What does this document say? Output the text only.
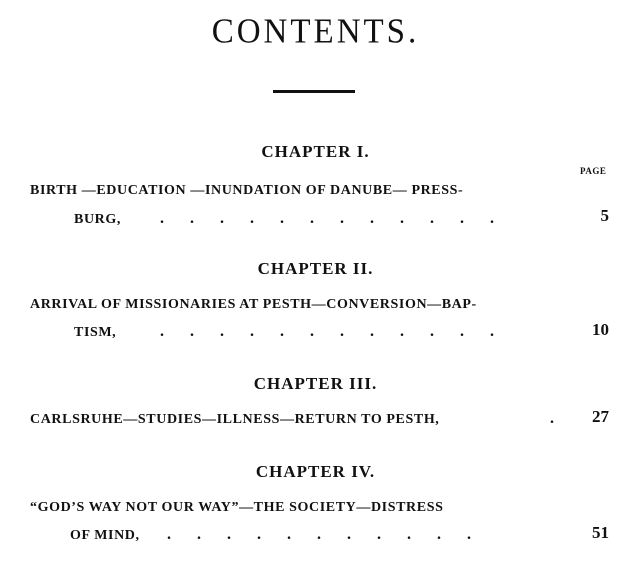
CONTENTS.
CHAPTER I.
PAGE
BIRTH —EDUCATION —INUNDATION OF DANUBE— PRESS-
BURG, . . . . . . . . . . . .	5
CHAPTER II.
ARRIVAL OF MISSIONARIES AT PESTH—CONVERSION—BAP-
TISM,	. . . . . . . . . . . .	10
CHAPTER III.
CARLSRUHE—STUDIES—ILLNESS—RETURN TO PESTH,	. 27
CHAPTER IV.
“GOD’S WAY NOT OUR WAY”—THE SOCIETY—DISTRESS
OF MIND, . . . . . . . . . . .	51
